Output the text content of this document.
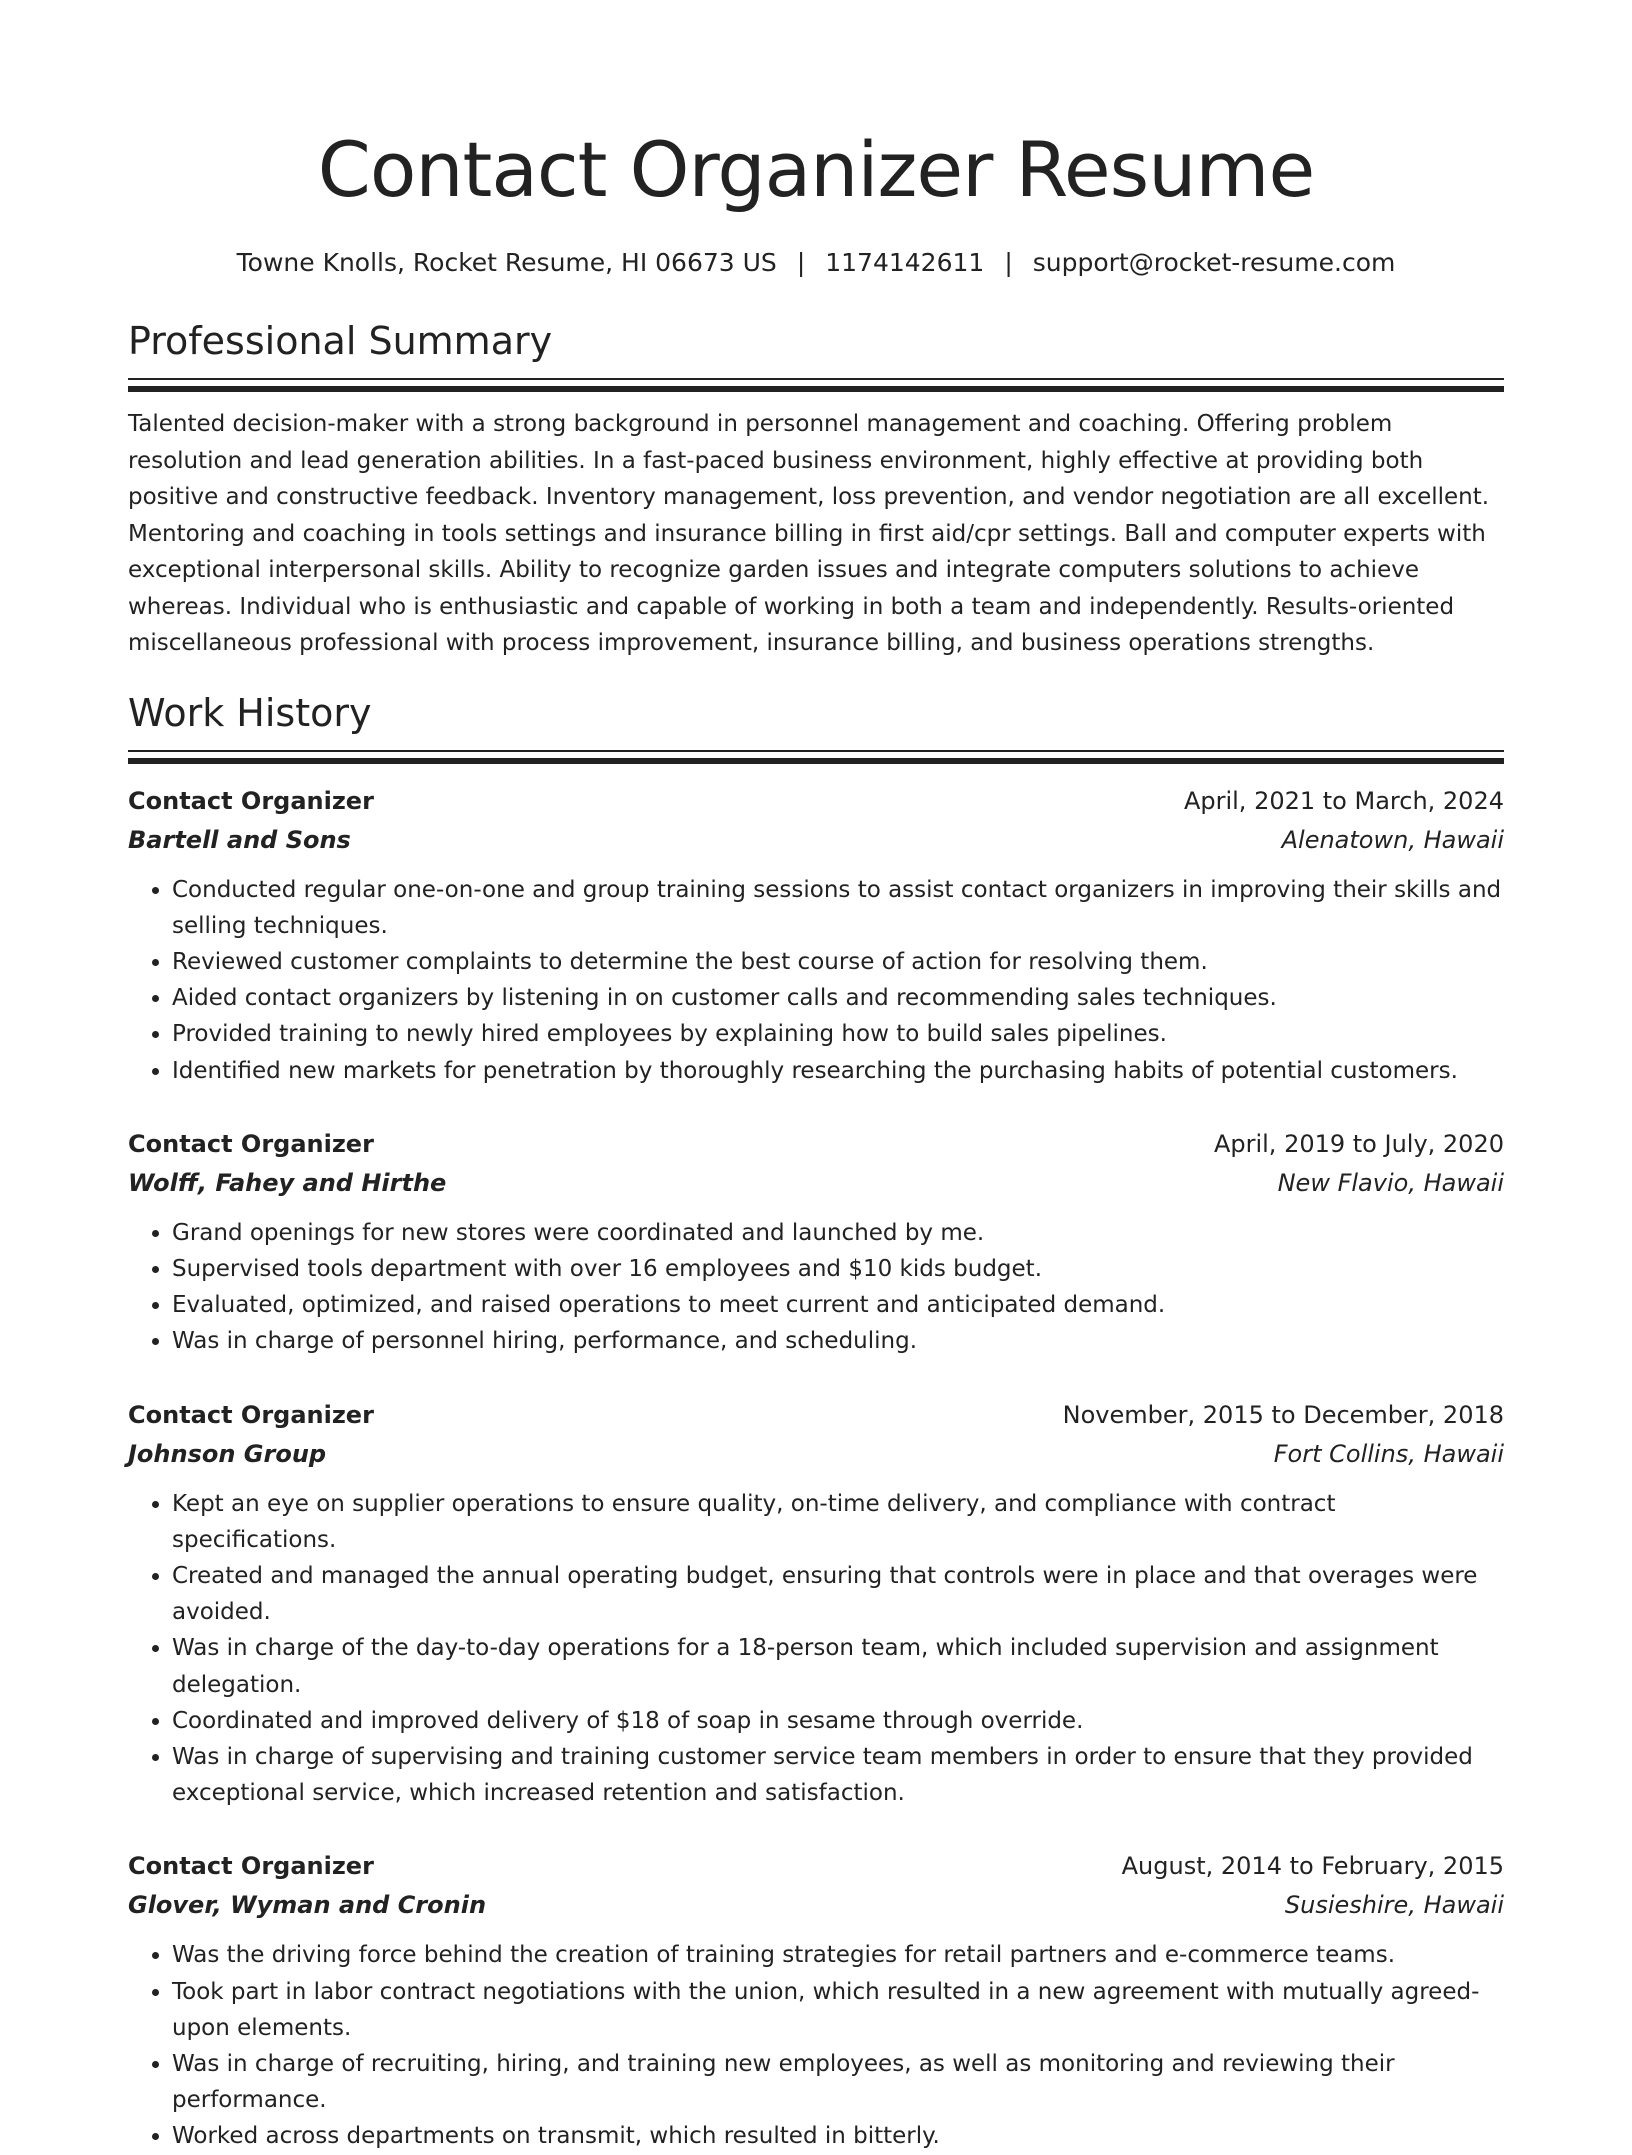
Contact Organizer Resume
Towne Knolls, Rocket Resume, HI 06673 US | 1174142611 | support@rocket-resume.com
Professional Summary

Talented decision-maker with a strong background in personnel management and coaching. Offering problem resolution and lead generation abilities. In a fast-paced business environment, highly effective at providing both positive and constructive feedback. Inventory management, loss prevention, and vendor negotiation are all excellent. Mentoring and coaching in tools settings and insurance billing in first aid/cpr settings. Ball and computer experts with exceptional interpersonal skills. Ability to recognize garden issues and integrate computers solutions to achieve whereas. Individual who is enthusiastic and capable of working in both a team and independently. Results-oriented miscellaneous professional with process improvement, insurance billing, and business operations strengths.

Work History
Contact Organizer	April, 2021 to March, 2024
Bartell and Sons	Alenatown, Hawaii
• Conducted regular one-on-one and group training sessions to assist contact organizers in improving their skills and selling techniques.
• Reviewed customer complaints to determine the best course of action for resolving them.
• Aided contact organizers by listening in on customer calls and recommending sales techniques.
• Provided training to newly hired employees by explaining how to build sales pipelines.
• Identified new markets for penetration by thoroughly researching the purchasing habits of potential customers.
Contact Organizer	April, 2019 to July, 2020
Wolff, Fahey and Hirthe	New Flavio, Hawaii
• Grand openings for new stores were coordinated and launched by me.
• Supervised tools department with over 16 employees and $10 kids budget.
• Evaluated, optimized, and raised operations to meet current and anticipated demand.
• Was in charge of personnel hiring, performance, and scheduling.
Contact Organizer	November, 2015 to December, 2018
Johnson Group	Fort Collins, Hawaii
• Kept an eye on supplier operations to ensure quality, on-time delivery, and compliance with contract specifications.
• Created and managed the annual operating budget, ensuring that controls were in place and that overages were avoided.
• Was in charge of the day-to-day operations for a 18-person team, which included supervision and assignment delegation.
• Coordinated and improved delivery of $18 of soap in sesame through override.
• Was in charge of supervising and training customer service team members in order to ensure that they provided exceptional service, which increased retention and satisfaction.
Contact Organizer	August, 2014 to February, 2015
Glover, Wyman and Cronin	Susieshire, Hawaii
• Was the driving force behind the creation of training strategies for retail partners and e-commerce teams.
• Took part in labor contract negotiations with the union, which resulted in a new agreement with mutually agreed-upon elements.
• Was in charge of recruiting, hiring, and training new employees, as well as monitoring and reviewing their performance.
• Worked across departments on transmit, which resulted in bitterly.
